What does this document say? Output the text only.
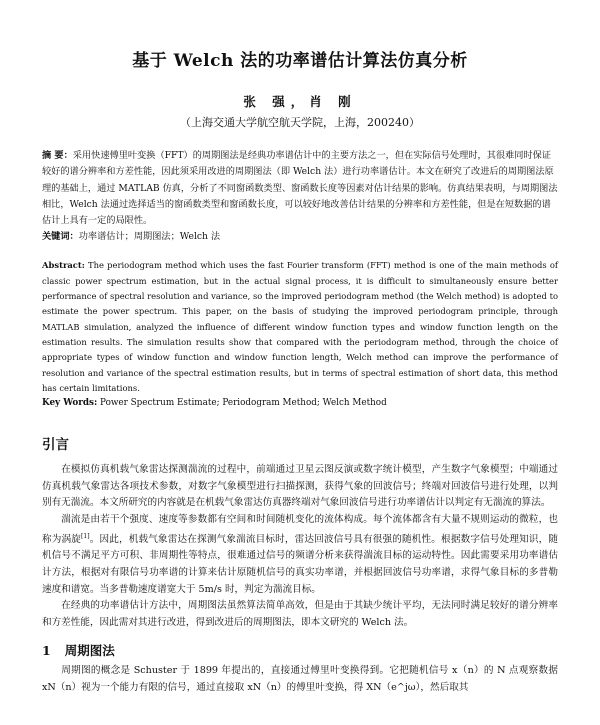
基于 Welch 法的功率谱估计算法仿真分析
张 强，肖 刚
（上海交通大学航空航天学院，上海，200240）
摘 要：采用快速傅里叶变换（FFT）的周期图法是经典功率谱估计中的主要方法之一，但在实际信号处理时，其很难同时保证较好的谱分辨率和方差性能，因此须采用改进的周期图法（即 Welch 法）进行功率谱估计。本文在研究了改进后的周期图法原理的基础上，通过 MATLAB 仿真，分析了不同窗函数类型、窗函数长度等因素对估计结果的影响。仿真结果表明，与周期图法相比，Welch 法通过选择适当的窗函数类型和窗函数长度，可以较好地改善估计结果的分辨率和方差性能，但是在短数据的谱估计上具有一定的局限性。
关键词：功率谱估计；周期图法；Welch 法
Abstract: The periodogram method which uses the fast Fourier transform (FFT) method is one of the main methods of classic power spectrum estimation, but in the actual signal process, it is difficult to simultaneously ensure better performance of spectral resolution and variance, so the improved periodogram method (the Welch method) is adopted to estimate the power spectrum. This paper, on the basis of studying the improved periodogram principle, through MATLAB simulation, analyzed the influence of different window function types and window function length on the estimation results. The simulation results show that compared with the periodogram method, through the choice of appropriate types of window function and window function length, Welch method can improve the performance of resolution and variance of the spectral estimation results, but in terms of spectral estimation of short data, this method has certain limitations.
Key Words: Power Spectrum Estimate; Periodogram Method; Welch Method
引言

在模拟仿真机载气象雷达探测湍流的过程中，前端通过卫星云图反演或数字统计模型，产生数字气象模型；中端通过仿真机载气象雷达各项技术参数，对数字气象模型进行扫描探测，获得气象的回波信号；终端对回波信号进行处理，以判别有无湍流。本文所研究的内容就是在机载气象雷达仿真器终端对气象回波信号进行功率谱估计以判定有无湍流的算法。

湍流是由若干个强度、速度等参数都有空间和时间随机变化的流体构成。每个流体都含有大量不规则运动的微粒，也称为涡旋[1]。因此，机载气象雷达在探测气象湍流目标时，雷达回波信号具有很强的随机性。根据数字信号处理知识，随机信号不满足平方可积、非周期性等特点，很难通过信号的频谱分析来获得湍流目标的运动特性。因此需要采用功率谱估计方法，根据对有限信号功率谱的计算来估计原随机信号的真实功率谱，并根据回波信号功率谱，求得气象目标的多普勒速度和谱宽。当多普勒速度谱宽大于 5m/s 时，判定为湍流目标。

在经典的功率谱估计方法中，周期图法虽然算法简单高效，但是由于其缺少统计平均，无法同时满足较好的谱分辨率和方差性能，因此需对其进行改进，得到改进后的周期图法，即本文研究的 Welch 法。

1 周期图法

周期图的概念是 Schuster 于 1899 年提出的，直接通过傅里叶变换得到。它把随机信号 x（n）的 N 点观察数据 xN（n）视为一个能力有限的信号，通过直接取 xN（n）的傅里叶变换，得 XN（e^jω），然后取其
